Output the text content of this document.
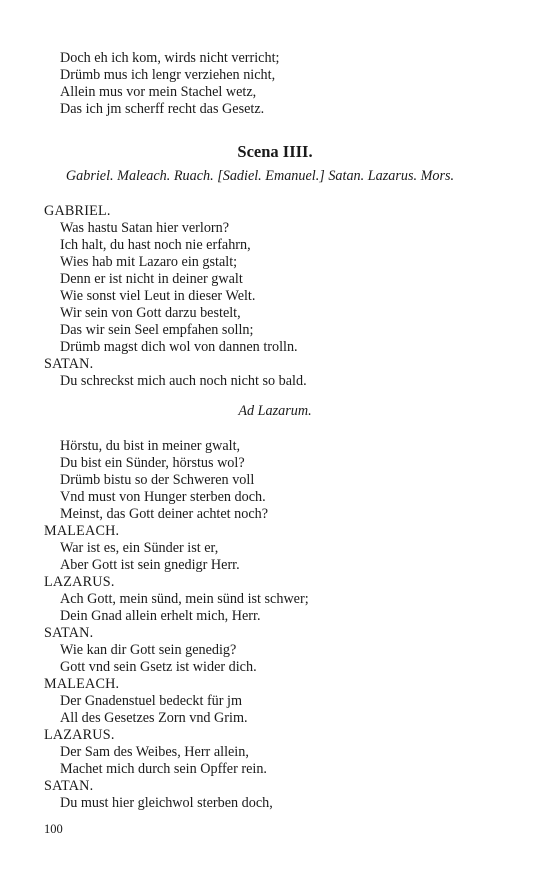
Doch eh ich kom, wirds nicht verricht;
Drümb mus ich lengr verziehen nicht,
Allein mus vor mein Stachel wetz,
Das ich jm scherff recht das Gesetz.
Scena IIII.
Gabriel. Maleach. Ruach. [Sadiel. Emanuel.] Satan. Lazarus. Mors.
GABRIEL.
Was hastu Satan hier verlorn?
Ich halt, du hast noch nie erfahrn,
Wies hab mit Lazaro ein gstalt;
Denn er ist nicht in deiner gwalt
Wie sonst viel Leut in dieser Welt.
Wir sein von Gott darzu bestelt,
Das wir sein Seel empfahen solln;
Drümb magst dich wol von dannen trolln.
SATAN.
Du schreckst mich auch noch nicht so bald.
Ad Lazarum.
Hörstu, du bist in meiner gwalt,
Du bist ein Sünder, hörstus wol?
Drümb bistu so der Schweren voll
Vnd must von Hunger sterben doch.
Meinst, das Gott deiner achtet noch?
MALEACH.
War ist es, ein Sünder ist er,
Aber Gott ist sein gnedigr Herr.
LAZARUS.
Ach Gott, mein sünd, mein sünd ist schwer;
Dein Gnad allein erhelt mich, Herr.
SATAN.
Wie kan dir Gott sein genedig?
Gott vnd sein Gsetz ist wider dich.
MALEACH.
Der Gnadenstuel bedeckt für jm
All des Gesetzes Zorn vnd Grim.
LAZARUS.
Der Sam des Weibes, Herr allein,
Machet mich durch sein Opffer rein.
SATAN.
Du must hier gleichwol sterben doch,
100
